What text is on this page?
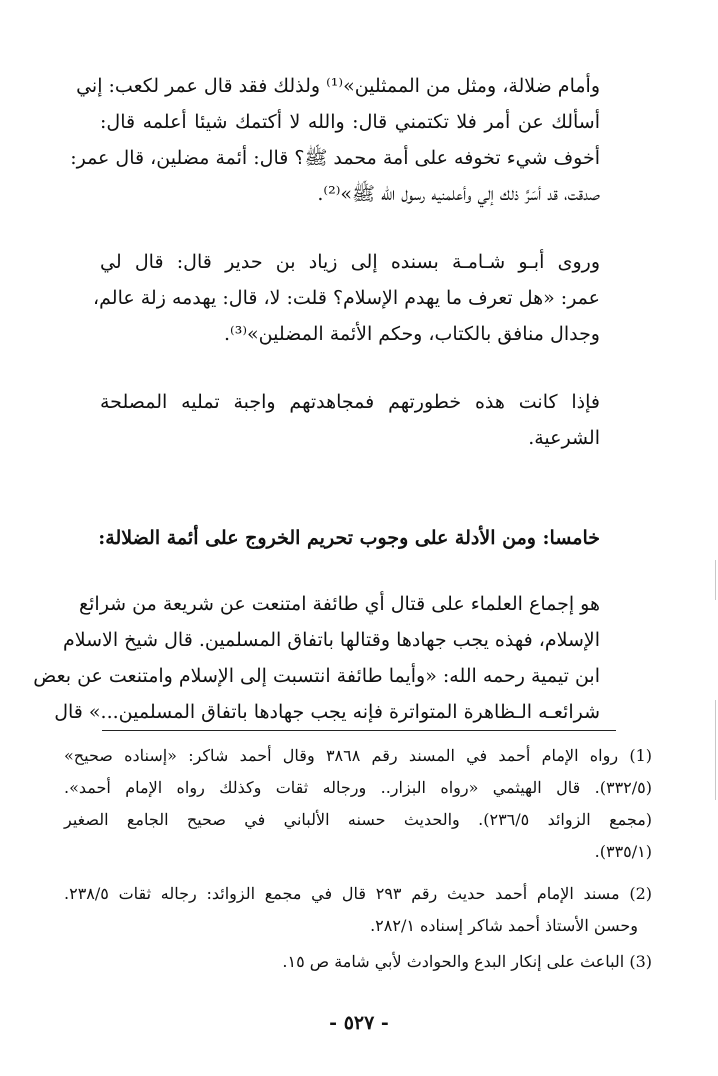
وأمام ضلالة، ومثل من الممثلين»⁽¹⁾ ولذلك فقد قال عمر لكعب: إني
أسألك عن أمر فلا تكتمني قال: والله لا أكتمك شيئا أعلمه قال:
أخوف شيء تخوفه على أمة محمد ﷺ؟ قال: أئمة مضلين، قال عمر:
صدقت، قد أسَرَّ ذلك إلي وأعلمنيه رسول الله ﷺ»⁽²⁾.
وروى أبـو شـامـة بسنده إلى زياد بن حدير قال: قال لي
عمر: «هل تعرف ما يهدم الإسلام؟ قلت: لا، قال: يهدمه زلة عالم،
وجدال منافق بالكتاب، وحكم الأئمة المضلين»⁽³⁾.
فإذا كانت هذه خطورتهم فمجاهدتهم واجبة تمليه المصلحة
الشرعية.
خامسا: ومن الأدلة على وجوب تحريم الخروج على أئمة الضلالة:
هو إجماع العلماء على قتال أي طائفة امتنعت عن شريعة من شرائع
الإسلام، فهذه يجب جهادها وقتالها باتفاق المسلمين. قال شيخ الاسلام
ابن تيمية رحمه الله: «وأيما طائفة انتسبت إلى الإسلام وامتنعت عن بعض
شرائعـه الـظاهرة المتواترة فإنه يجب جهادها باتفاق المسلمين...» قال
(1) رواه الإمام أحمد في المسند رقم ٣٨٦٨ وقال أحمد شاكر: «إسناده صحيح»
(٣٣٢/٥). قال الهيثمي «رواه البزار.. ورجاله ثقات وكذلك رواه الإمام أحمد».
(مجمع الزوائد ٢٣٦/٥). والحديث حسنه الألباني في صحيح الجامع الصغير
(٣٣٥/١).
(2) مسند الإمام أحمد حديث رقم ٢٩٣ قال في مجمع الزوائد: رجاله ثقات ٢٣٨/٥.
وحسن الأستاذ أحمد شاكر إسناده ٢٨٢/١.
(3) الباعث على إنكار البدع والحوادث لأبي شامة ص ١٥.
- ٥٢٧ -
